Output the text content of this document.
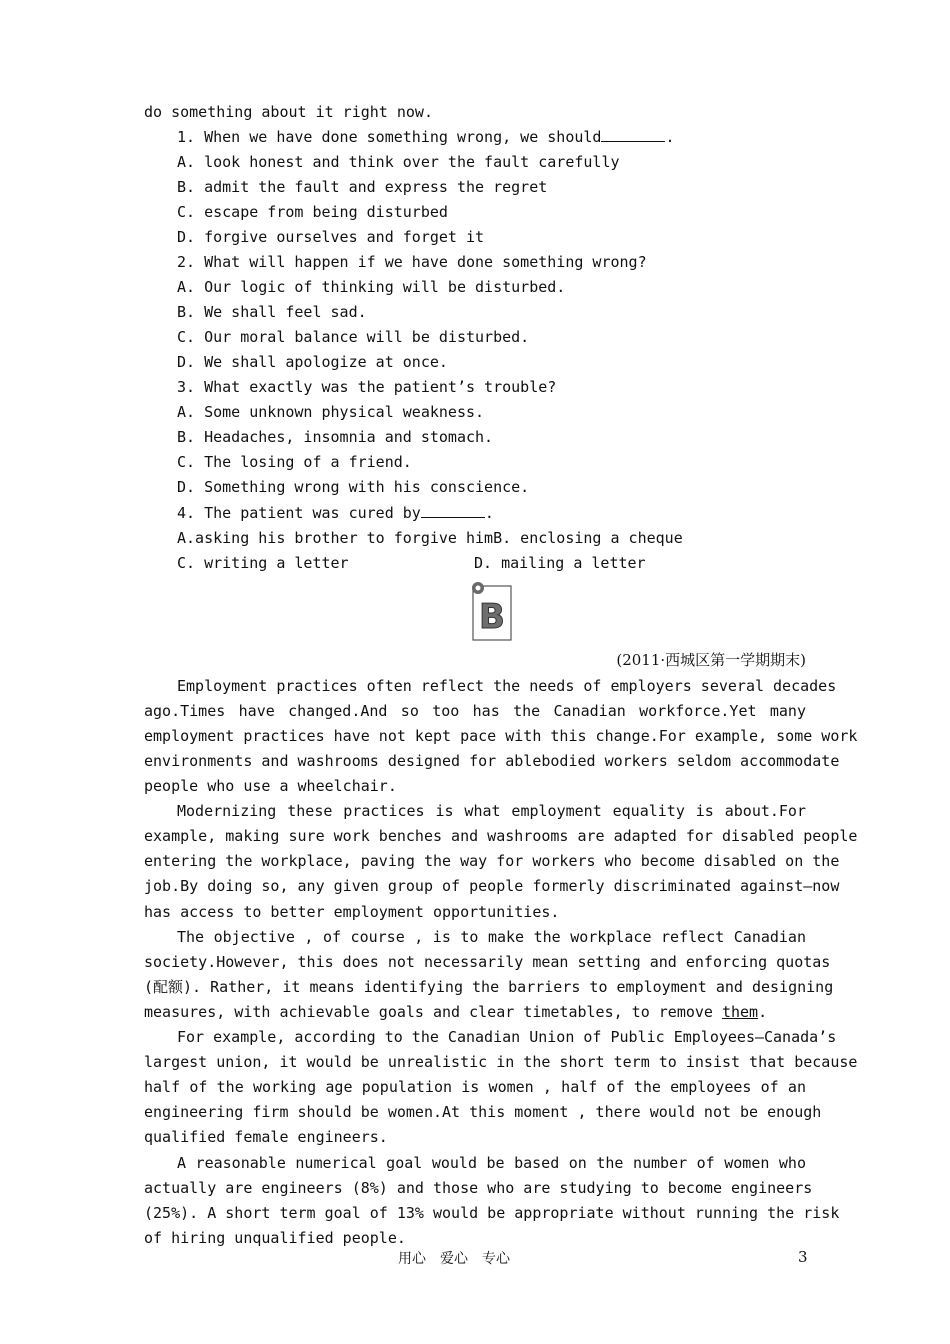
do something about it right now.
1. When we have done something wrong, we should	.
A. look honest and think over the fault carefully
B. admit the fault and express the regret
C. escape from being disturbed
D. forgive ourselves and forget it
2. What will happen if we have done something wrong?
A. Our logic of thinking will be disturbed.
B. We shall feel sad.
C. Our moral balance will be disturbed.
D. We shall apologize at once.
3. What exactly was the patient’s trouble?
A. Some unknown physical weakness.
B. Headaches, insomnia and stomach.
C. The losing of a friend.
D. Something wrong with his conscience.
4. The patient was cured by	.
A.asking his brother to forgive himB. enclosing a cheque
C. writing a letter	D. mailing a letter
B
(2011·西城区第一学期期末)
Employment practices often reflect the needs of employers several decades
ago.Times have changed.And so too has the Canadian workforce.Yet many
employment practices have not kept pace with this change.For example, some work
environments and washrooms designed for ablebodied workers seldom accommodate
people who use a wheelchair.
Modernizing these practices is what employment equality is about.For
example, making sure work benches and washrooms are adapted for disabled people
entering the workplace, paving the way for workers who become disabled on the
job.By doing so, any given group of people formerly discriminated against—now
has access to better employment opportunities.
The objective , of course , is to make the workplace reflect Canadian
society.However, this does not necessarily mean setting and enforcing quotas
(配额). Rather, it means identifying the barriers to employment and designing
measures, with achievable goals and clear timetables, to remove them.
For example, according to the Canadian Union of Public Employees—Canada’s
largest union, it would be unrealistic in the short term to insist that because
half of the working age population is women , half of the employees of an
engineering firm should be women.At this moment , there would not be enough
qualified female engineers.
A reasonable numerical goal would be based on the number of women who
actually are engineers (8%) and those who are studying to become engineers
(25%). A short term goal of 13% would be appropriate without running the risk
of hiring unqualified people.
用心　爱心　专心	3
